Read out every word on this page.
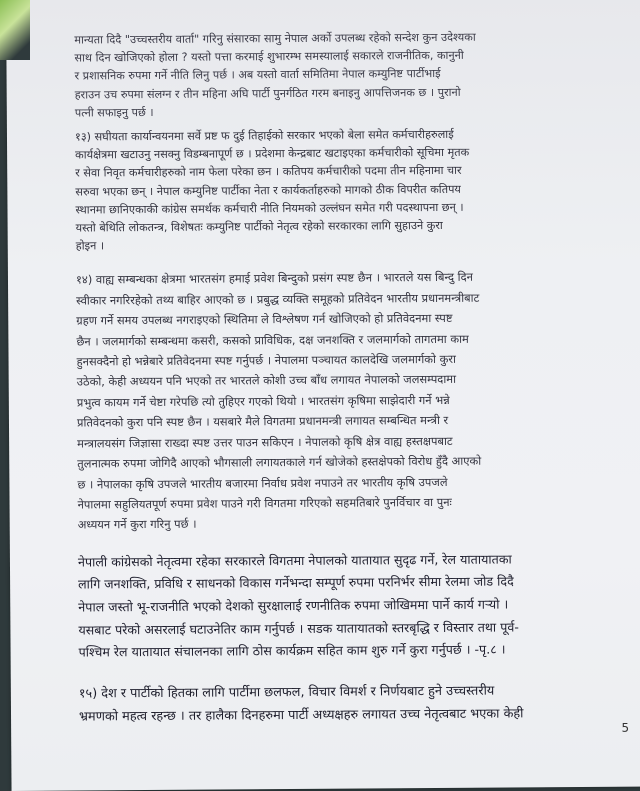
मान्यता दिदै "उच्चस्तरीय वार्ता" गरिनु संसारका सामु नेपाल अर्को उपलब्ध रहेको सन्देश कुन उदेश्यका
साथ दिन खोजिएको होला ? यस्तो पत्ता करमाई शुभारम्भ समस्यालाई सकारले राजनीतिक, कानुनी
र प्रशासनिक रुपमा गर्ने नीति लिनु पर्छ । अब यस्तो वार्ता समितिमा नेपाल कम्युनिष्ट पार्टीभाई
हराउन उच रुपमा संलग्न र तीन महिना अघि पार्टी पुनर्गठित गरम बनाइनु आपत्तिजनक छ । पुरानो
पत्नी सफाइनु पर्छ ।

१३) सघीयता कार्यान्वयनमा सर्वे प्रष्ट फ दुई तिहाईको सरकार भएको बेला समेत कर्मचारीहरुलाई
कार्यक्षेत्रमा खटाउनु नसक्नु विडम्बनापूर्ण छ । प्रदेशमा केन्द्रबाट खटाइएका कर्मचारीको सूचिमा मृतक
र सेवा निवृत कर्मचारीहरुको नाम फेला परेका छन । कतिपय कर्मचारीको पदमा तीन महिनामा चार
सरुवा भएका छन् । नेपाल कम्युनिष्ट पार्टीका नेता र कार्यकर्ताहरुको मागको ठीक विपरीत कतिपय
स्थानमा छानिएकाकी कांग्रेस समर्थक कर्मचारी नीति नियमको उल्लंघन समेत गरी पदस्थापना छन् ।
यस्तो बेथिति लोकतन्त्र, विशेषतः कम्युनिष्ट पार्टीको नेतृत्व रहेको सरकारका लागि सुहाउने कुरा
होइन ।

१४) वाह्य सम्बन्धका क्षेत्रमा भारतसंग हमाई प्रवेश बिन्दुको प्रसंग स्पष्ट छैन । भारतले यस बिन्दु दिन
स्वीकार नगरिरहेको तथ्य बाहिर आएको छ । प्रबुद्ध व्यक्ति समूहको प्रतिवेदन भारतीय प्रधानमन्त्रीबाट
ग्रहण गर्ने समय उपलब्ध नगराइएको स्थितिमा ले विश्लेषण गर्न खोजिएको हो प्रतिवेदनमा स्पष्ट
छैन । जलमार्गको सम्बन्धमा कसरी, कसको प्राविधिक, दक्ष जनशक्ति र जलमार्गको तागतमा काम
हुनसक्दैनो हो भन्नेबारे प्रतिवेदनमा स्पष्ट गर्नुपर्छ । नेपालमा पञ्चायत कालदेखि जलमार्गको कुरा
उठेको, केही अध्ययन पनि भएको तर भारतले कोशी उच्च बाँध लगायत नेपालको जलसम्पदामा
प्रभुत्व कायम गर्ने चेष्टा गरेपछि त्यो तुहिएर गएको थियो । भारतसंग कृषिमा साझेदारी गर्ने भन्ने
प्रतिवेदनको कुरा पनि स्पष्ट छैन । यसबारे मैले विगतमा प्रधानमन्त्री लगायत सम्बन्धित मन्त्री र
मन्त्रालयसंग जिज्ञासा राख्दा स्पष्ट उत्तर पाउन सकिएन । नेपालको कृषि क्षेत्र वाह्य हस्तक्षपबाट
तुलनात्मक रुपमा जोगिदै आएको भौगसाली लगायतकाले गर्न खोजेको हस्तक्षेपको विरोध हुँदै आएको
छ । नेपालका कृषि उपजले भारतीय बजारमा निर्वाध प्रवेश नपाउने तर भारतीय कृषि उपजले
नेपालमा सहुलियतपूर्ण रुपमा प्रवेश पाउने गरी विगतमा गरिएको सहमतिबारे पुनर्विचार वा पुनः
अध्ययन गर्ने कुरा गरिनु पर्छ ।

नेपाली कांग्रेसको नेतृत्वमा रहेका सरकारले विगतमा नेपालको यातायात सुदृढ गर्ने, रेल यातायातका
लागि जनशक्ति, प्रविधि र साधनको विकास गर्नेभन्दा सम्पूर्ण रुपमा परनिर्भर सीमा रेलमा जोड दिदै
नेपाल जस्तो भू-राजनीति भएको देशको सुरक्षालाई रणनीतिक रुपमा जोखिममा पार्ने कार्य गर्‍यो ।
यसबाट परेको असरलाई घटाउनेतिर काम गर्नुपर्छ । सडक यातायातको स्तरबृद्धि र विस्तार तथा पूर्व-
पश्चिम रेल यातायात संचालनका लागि ठोस कार्यक्रम सहित काम शुरु गर्ने कुरा गर्नुपर्छ । -पृ.८ ।

१५) देश र पार्टीको हितका लागि पार्टीमा छलफल, विचार विमर्श र निर्णयबाट हुने उच्चस्तरीय
भ्रमणको महत्व रहन्छ । तर हालैका दिनहरुमा पार्टी अध्यक्षहरु लगायत उच्च नेतृत्वबाट भएका केही

5
